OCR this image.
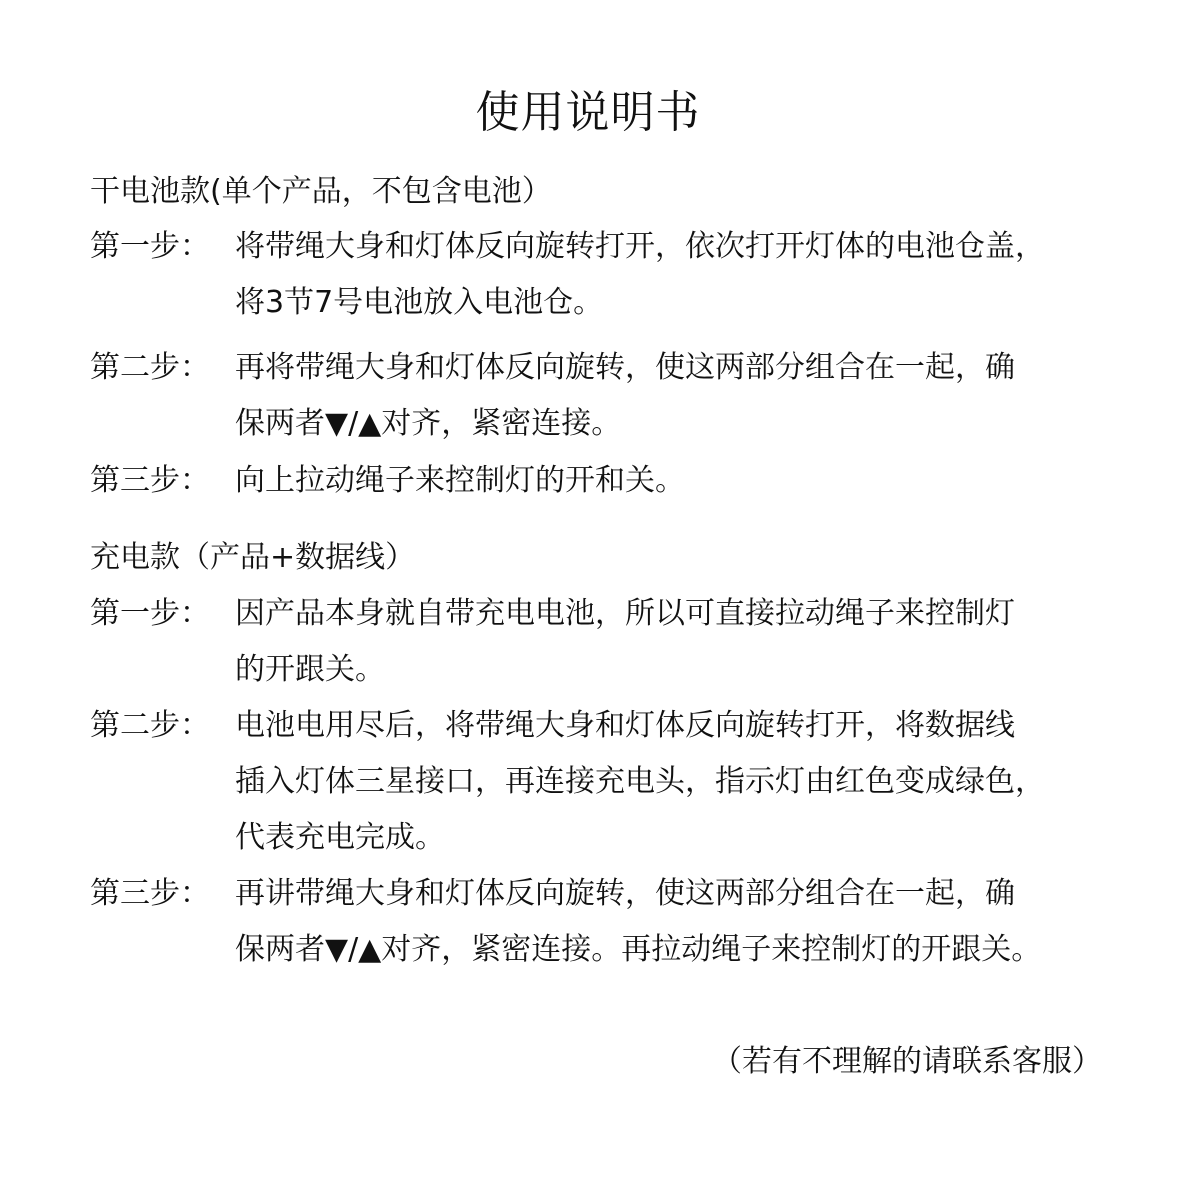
使用说明书
干电池款(单个产品，不包含电池）
第一步： 将带绳大身和灯体反向旋转打开，依次打开灯体的电池仓盖，
将3节7号电池放入电池仓。
第二步： 再将带绳大身和灯体反向旋转，使这两部分组合在一起，确
保两者▼/▲对齐，紧密连接。
第三步： 向上拉动绳子来控制灯的开和关。
充电款（产品+数据线）
第一步： 因产品本身就自带充电电池，所以可直接拉动绳子来控制灯
的开跟关。
第二步： 电池电用尽后，将带绳大身和灯体反向旋转打开，将数据线
插入灯体三星接口，再连接充电头，指示灯由红色变成绿色，
代表充电完成。
第三步： 再讲带绳大身和灯体反向旋转，使这两部分组合在一起，确
保两者▼/▲对齐，紧密连接。再拉动绳子来控制灯的开跟关。
（若有不理解的请联系客服）
